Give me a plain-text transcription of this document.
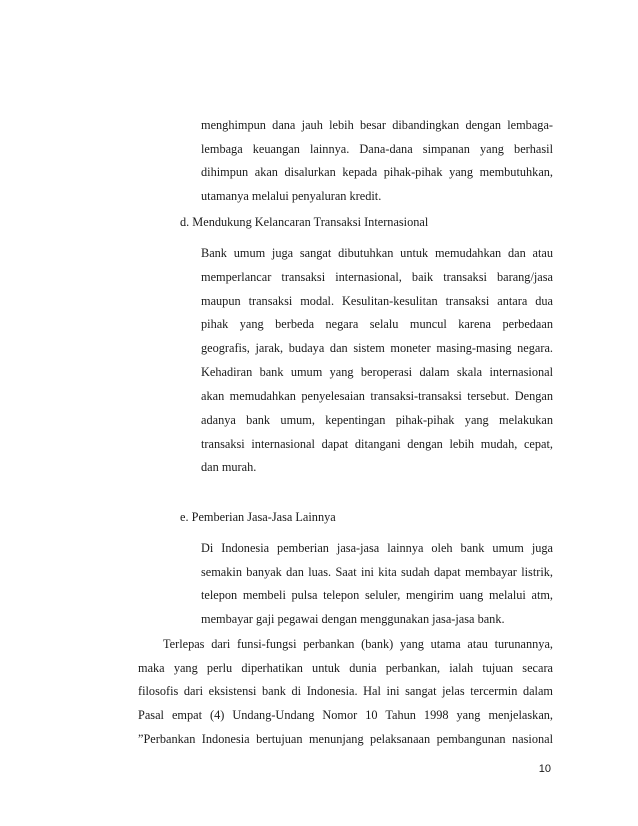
menghimpun dana jauh lebih besar dibandingkan dengan lembaga-
lembaga keuangan lainnya. Dana-dana simpanan yang berhasil
dihimpun akan disalurkan kepada pihak-pihak yang membutuhkan,
utamanya melalui penyaluran kredit.
d. Mendukung Kelancaran Transaksi Internasional
Bank umum juga sangat dibutuhkan untuk memudahkan dan atau
memperlancar transaksi internasional, baik transaksi barang/jasa
maupun transaksi modal. Kesulitan-kesulitan transaksi antara dua
pihak yang berbeda negara selalu muncul karena perbedaan
geografis, jarak, budaya dan sistem moneter masing-masing negara.
Kehadiran bank umum yang beroperasi dalam skala internasional
akan memudahkan penyelesaian transaksi-transaksi tersebut. Dengan
adanya bank umum, kepentingan pihak-pihak yang melakukan
transaksi internasional dapat ditangani dengan lebih mudah, cepat,
dan murah.
e. Pemberian Jasa-Jasa Lainnya
Di Indonesia pemberian jasa-jasa lainnya oleh bank umum juga
semakin banyak dan luas. Saat ini kita sudah dapat membayar listrik,
telepon membeli pulsa telepon seluler, mengirim uang melalui atm,
membayar gaji pegawai dengan menggunakan jasa-jasa bank.
Terlepas dari funsi-fungsi perbankan (bank) yang utama atau turunannya,
maka yang perlu diperhatikan untuk dunia perbankan, ialah tujuan secara
filosofis dari eksistensi bank di Indonesia. Hal ini sangat jelas tercermin dalam
Pasal empat (4) Undang-Undang Nomor 10 Tahun 1998 yang menjelaskan,
”Perbankan Indonesia bertujuan menunjang pelaksanaan pembangunan nasional
10
